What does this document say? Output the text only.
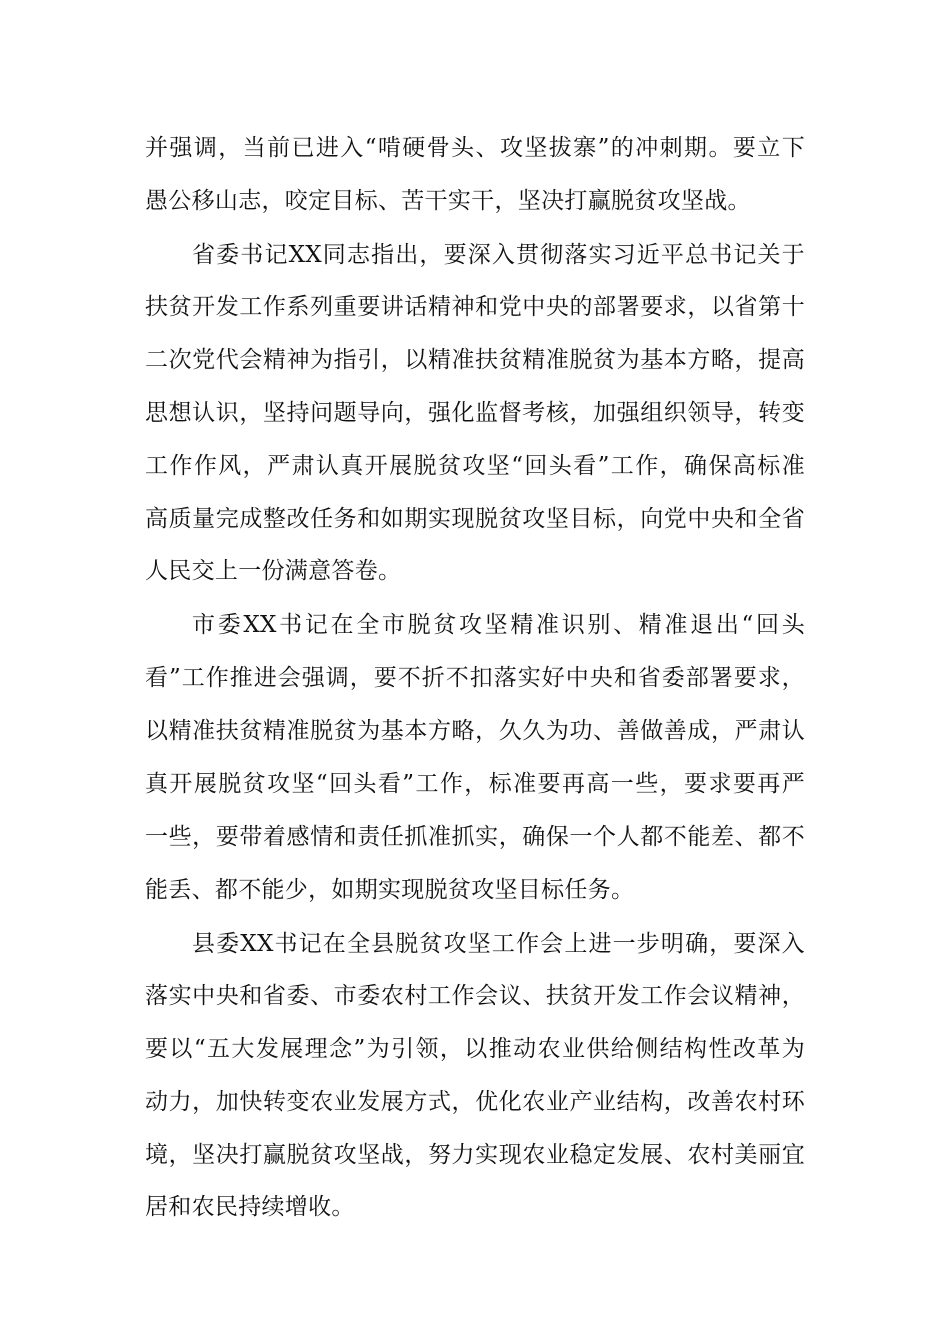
并强调，当前已进入“啃硬骨头、攻坚拔寨”的冲刺期。要立下

愚公移山志，咬定目标、苦干实干，坚决打赢脱贫攻坚战。

省委书记XX同志指出，要深入贯彻落实习近平总书记关于

扶贫开发工作系列重要讲话精神和党中央的部署要求，以省第十

二次党代会精神为指引，以精准扶贫精准脱贫为基本方略，提高

思想认识，坚持问题导向，强化监督考核，加强组织领导，转变

工作作风，严肃认真开展脱贫攻坚“回头看”工作，确保高标准

高质量完成整改任务和如期实现脱贫攻坚目标，向党中央和全省

人民交上一份满意答卷。

市委XX书记在全市脱贫攻坚精准识别、精准退出“回头

看”工作推进会强调，要不折不扣落实好中央和省委部署要求，

以精准扶贫精准脱贫为基本方略，久久为功、善做善成，严肃认

真开展脱贫攻坚“回头看”工作，标准要再高一些，要求要再严

一些，要带着感情和责任抓准抓实，确保一个人都不能差、都不

能丢、都不能少，如期实现脱贫攻坚目标任务。

县委XX书记在全县脱贫攻坚工作会上进一步明确，要深入

落实中央和省委、市委农村工作会议、扶贫开发工作会议精神，

要以“五大发展理念”为引领，以推动农业供给侧结构性改革为

动力，加快转变农业发展方式，优化农业产业结构，改善农村环

境，坚决打赢脱贫攻坚战，努力实现农业稳定发展、农村美丽宜

居和农民持续增收。
